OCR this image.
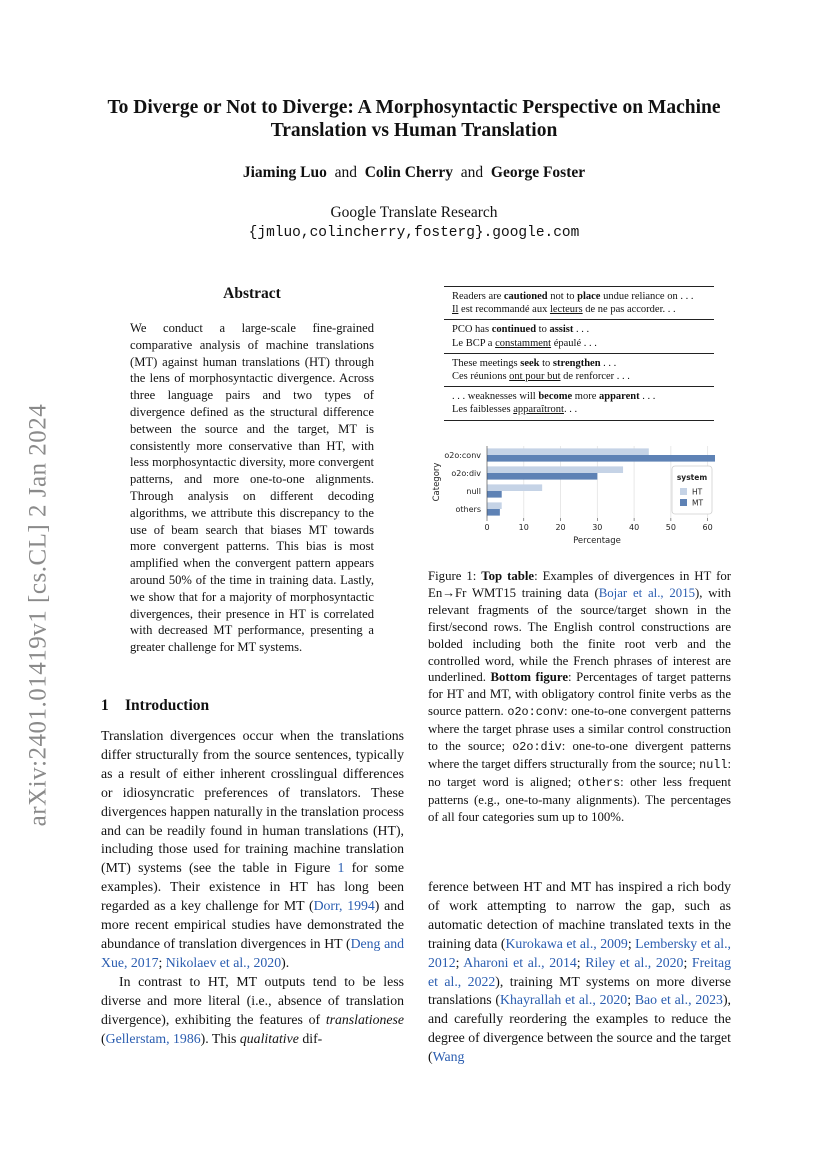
arXiv:2401.01419v1 [cs.CL] 2 Jan 2024
To Diverge or Not to Diverge: A Morphosyntactic Perspective on Machine
Translation vs Human Translation
Jiaming Luo and Colin Cherry and George Foster
Google Translate Research
{jmluo,colincherry,fosterg}.google.com
Abstract

We conduct a large-scale fine-grained comparative analysis of machine translations (MT) against human translations (HT) through the lens of morphosyntactic divergence. Across three language pairs and two types of divergence defined as the structural difference between the source and the target, MT is consistently more conservative than HT, with less morphosyntactic diversity, more convergent patterns, and more one-to-one alignments. Through analysis on different decoding algorithms, we attribute this discrepancy to the use of beam search that biases MT towards more convergent patterns. This bias is most amplified when the convergent pattern appears around 50% of the time in training data. Lastly, we show that for a majority of morphosyntactic divergences, their presence in HT is correlated with decreased MT performance, presenting a greater challenge for MT systems.

1 Introduction

Translation divergences occur when the translations differ structurally from the source sentences, typically as a result of either inherent crosslingual differences or idiosyncratic preferences of translators. These divergences happen naturally in the translation process and can be readily found in human translations (HT), including those used for training machine translation (MT) systems (see the table in Figure 1 for some examples). Their existence in HT has long been regarded as a key challenge for MT (Dorr, 1994) and more recent empirical studies have demonstrated the abundance of translation divergences in HT (Deng and Xue, 2017; Nikolaev et al., 2020).

In contrast to HT, MT outputs tend to be less diverse and more literal (i.e., absence of translation divergence), exhibiting the features of translationese (Gellerstam, 1986). This qualitative dif-

Readers are cautioned not to place undue reliance on . . .
Il est recommandé aux lecteurs de ne pas accorder. . .
PCO has continued to assist . . .
Le BCP a constamment épaulé . . .
These meetings seek to strengthen . . .
Ces réunions ont pour but de renforcer . . .
. . . weaknesses will become more apparent . . .
Les faiblesses apparaîtront. . .
0	10	20	30	40	50	60
o2o:conv
o2o:div
null
others
Percentage
Category	system
HT
MT

Figure 1: Top table: Examples of divergences in HT for En→Fr WMT15 training data (Bojar et al., 2015), with relevant fragments of the source/target shown in the first/second rows. The English control constructions are bolded including both the finite root verb and the controlled word, while the French phrases of interest are underlined. Bottom figure: Percentages of target patterns for HT and MT, with obligatory control finite verbs as the source pattern. o2o:conv: one-to-one convergent patterns where the target phrase uses a similar control construction to the source; o2o:div: one-to-one divergent patterns where the target differs structurally from the source; null: no target word is aligned; others: other less frequent patterns (e.g., one-to-many alignments). The percentages of all four categories sum up to 100%.

ference between HT and MT has inspired a rich body of work attempting to narrow the gap, such as automatic detection of machine translated texts in the training data (Kurokawa et al., 2009; Lembersky et al., 2012; Aharoni et al., 2014; Riley et al., 2020; Freitag et al., 2022), training MT systems on more diverse translations (Khayrallah et al., 2020; Bao et al., 2023), and carefully reordering the examples to reduce the degree of divergence between the source and the target (Wang
